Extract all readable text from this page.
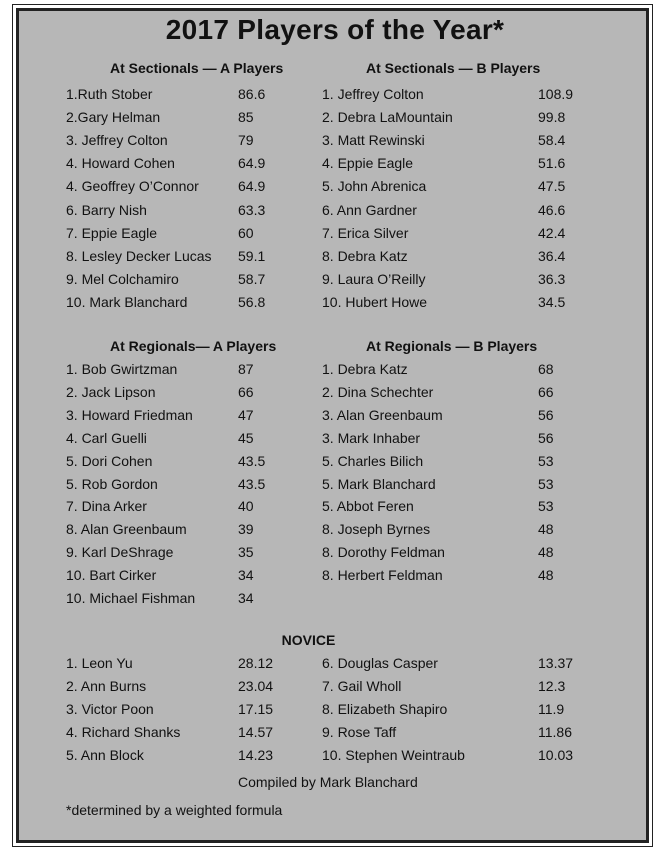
2017 Players of the Year*
At Sectionals — A Players	At Sectionals — B Players
At Regionals— A Players	At Regionals — B Players
NOVICE
Compiled by Mark Blanchard
*determined by a weighted formula
1.Ruth Stober	86.6
2.Gary Helman	85
3. Jeffrey Colton	79
4. Howard Cohen	64.9
4. Geoffrey O’Connor	64.9
6. Barry Nish	63.3
7. Eppie Eagle	60
8. Lesley Decker Lucas 59.1
9. Mel Colchamiro	58.7
10. Mark Blanchard	56.8
1. Jeffrey Colton	108.9
2. Debra LaMountain	99.8
3. Matt Rewinski	58.4
4. Eppie Eagle	51.6
5. John Abrenica	47.5
6. Ann Gardner	46.6
7. Erica Silver	42.4
8. Debra Katz	36.4
9. Laura O’Reilly	36.3
10. Hubert Howe	34.5
1. Bob Gwirtzman	87
2. Jack Lipson	66
3. Howard Friedman	47
4. Carl Guelli	45
5. Dori Cohen	43.5
5. Rob Gordon	43.5
7. Dina Arker	40
8. Alan Greenbaum	39
9. Karl DeShrage	35
10. Bart Cirker	34
10. Michael Fishman	34
1. Debra Katz	68
2. Dina Schechter	66
3. Alan Greenbaum	56
3. Mark Inhaber	56
5. Charles Bilich	53
5. Mark Blanchard	53
5. Abbot Feren	53
8. Joseph Byrnes	48
8. Dorothy Feldman	48
8. Herbert Feldman	48
1. Leon Yu	28.12
2. Ann Burns	23.04
3. Victor Poon	17.15
4. Richard Shanks	14.57
5. Ann Block	14.23
6. Douglas Casper	13.37
7. Gail Wholl	12.3
8. Elizabeth Shapiro	11.9
9. Rose Taff	11.86
10. Stephen Weintraub	10.03
